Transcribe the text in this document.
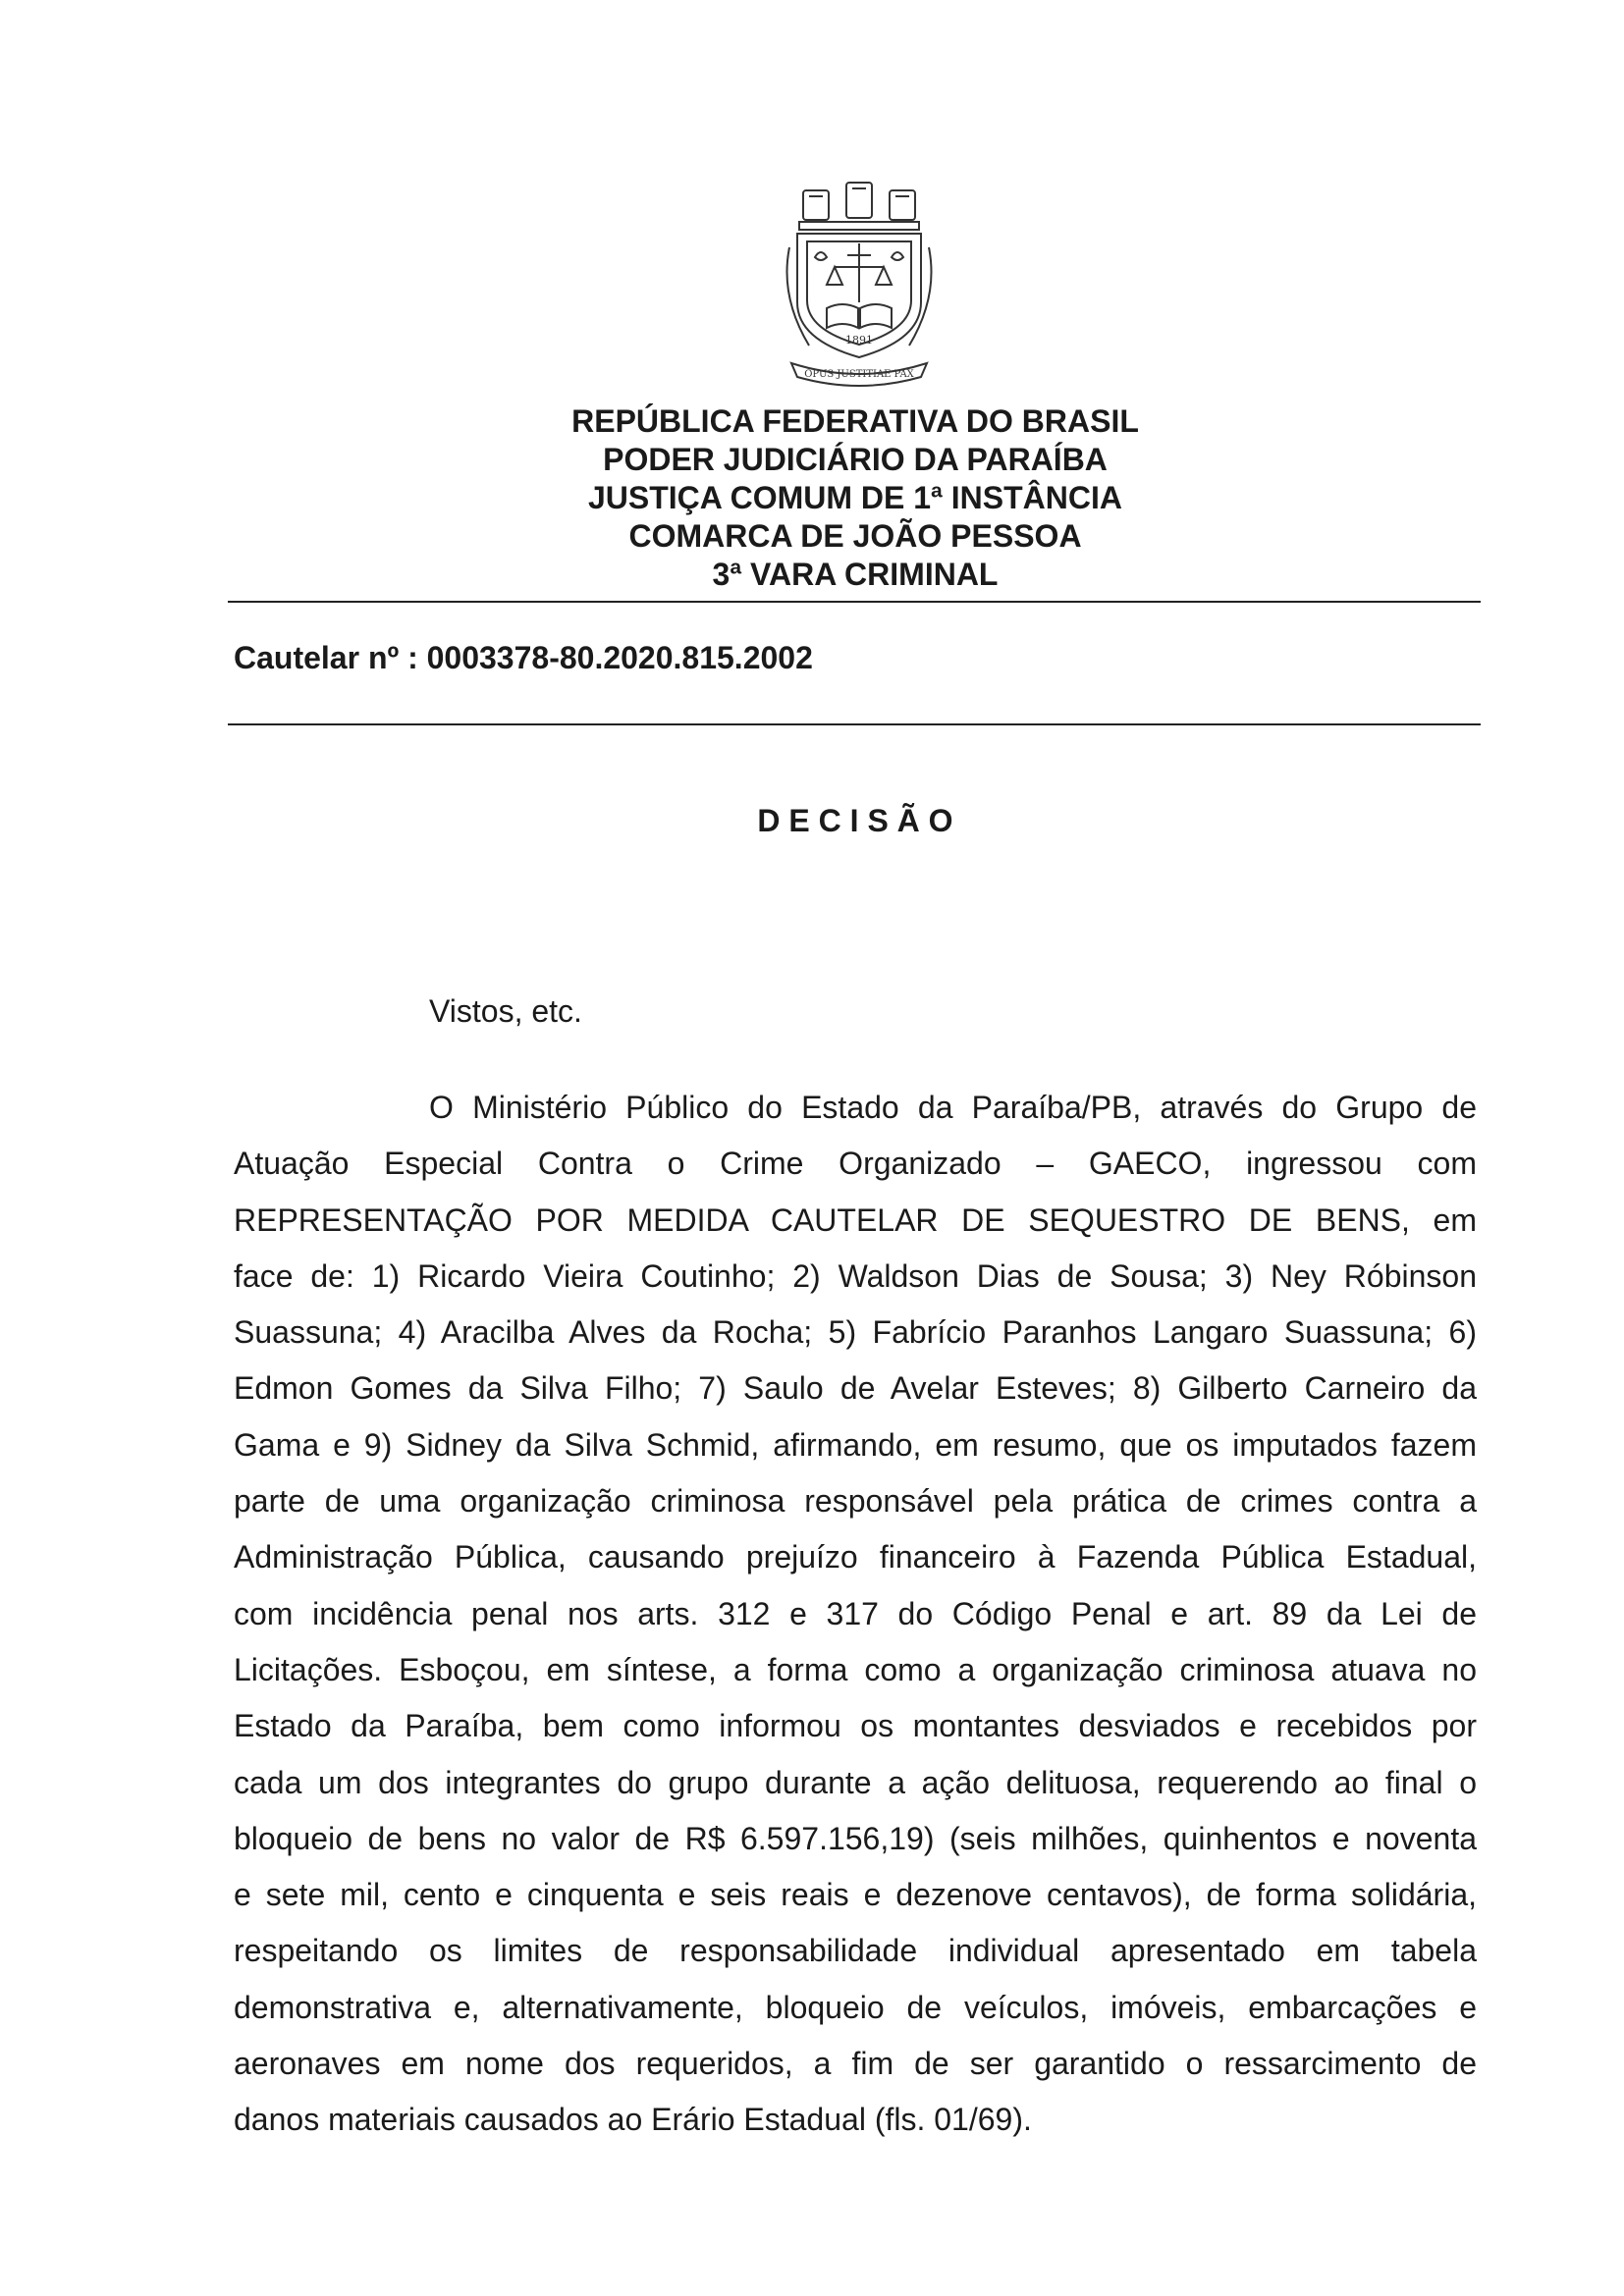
1891
OPUS JUSTITIAE PAX
REPÚBLICA FEDERATIVA DO BRASIL
PODER JUDICIÁRIO DA PARAÍBA
JUSTIÇA COMUM DE 1ª INSTÂNCIA
COMARCA DE JOÃO PESSOA
3ª VARA CRIMINAL
Cautelar nº : 0003378-80.2020.815.2002
D E C I S Ã O
Vistos, etc.
O Ministério Público do Estado da Paraíba/PB, através do Grupo de
Atuação Especial Contra o Crime Organizado – GAECO, ingressou com
REPRESENTAÇÃO POR MEDIDA CAUTELAR DE SEQUESTRO DE BENS, em
face de: 1) Ricardo Vieira Coutinho; 2) Waldson Dias de Sousa; 3) Ney Róbinson
Suassuna; 4) Aracilba Alves da Rocha; 5) Fabrício Paranhos Langaro Suassuna; 6)
Edmon Gomes da Silva Filho; 7) Saulo de Avelar Esteves; 8) Gilberto Carneiro da
Gama e 9) Sidney da Silva Schmid, afirmando, em resumo, que os imputados fazem
parte de uma organização criminosa responsável pela prática de crimes contra a
Administração Pública, causando prejuízo financeiro à Fazenda Pública Estadual,
com incidência penal nos arts. 312 e 317 do Código Penal e art. 89 da Lei de
Licitações. Esboçou, em síntese, a forma como a organização criminosa atuava no
Estado da Paraíba, bem como informou os montantes desviados e recebidos por
cada um dos integrantes do grupo durante a ação delituosa, requerendo ao final o
bloqueio de bens no valor de R$ 6.597.156,19) (seis milhões, quinhentos e noventa
e sete mil, cento e cinquenta e seis reais e dezenove centavos), de forma solidária,
respeitando os limites de responsabilidade individual apresentado em tabela
demonstrativa e, alternativamente, bloqueio de veículos, imóveis, embarcações e
aeronaves em nome dos requeridos, a fim de ser garantido o ressarcimento de
danos materiais causados ao Erário Estadual (fls. 01/69).
